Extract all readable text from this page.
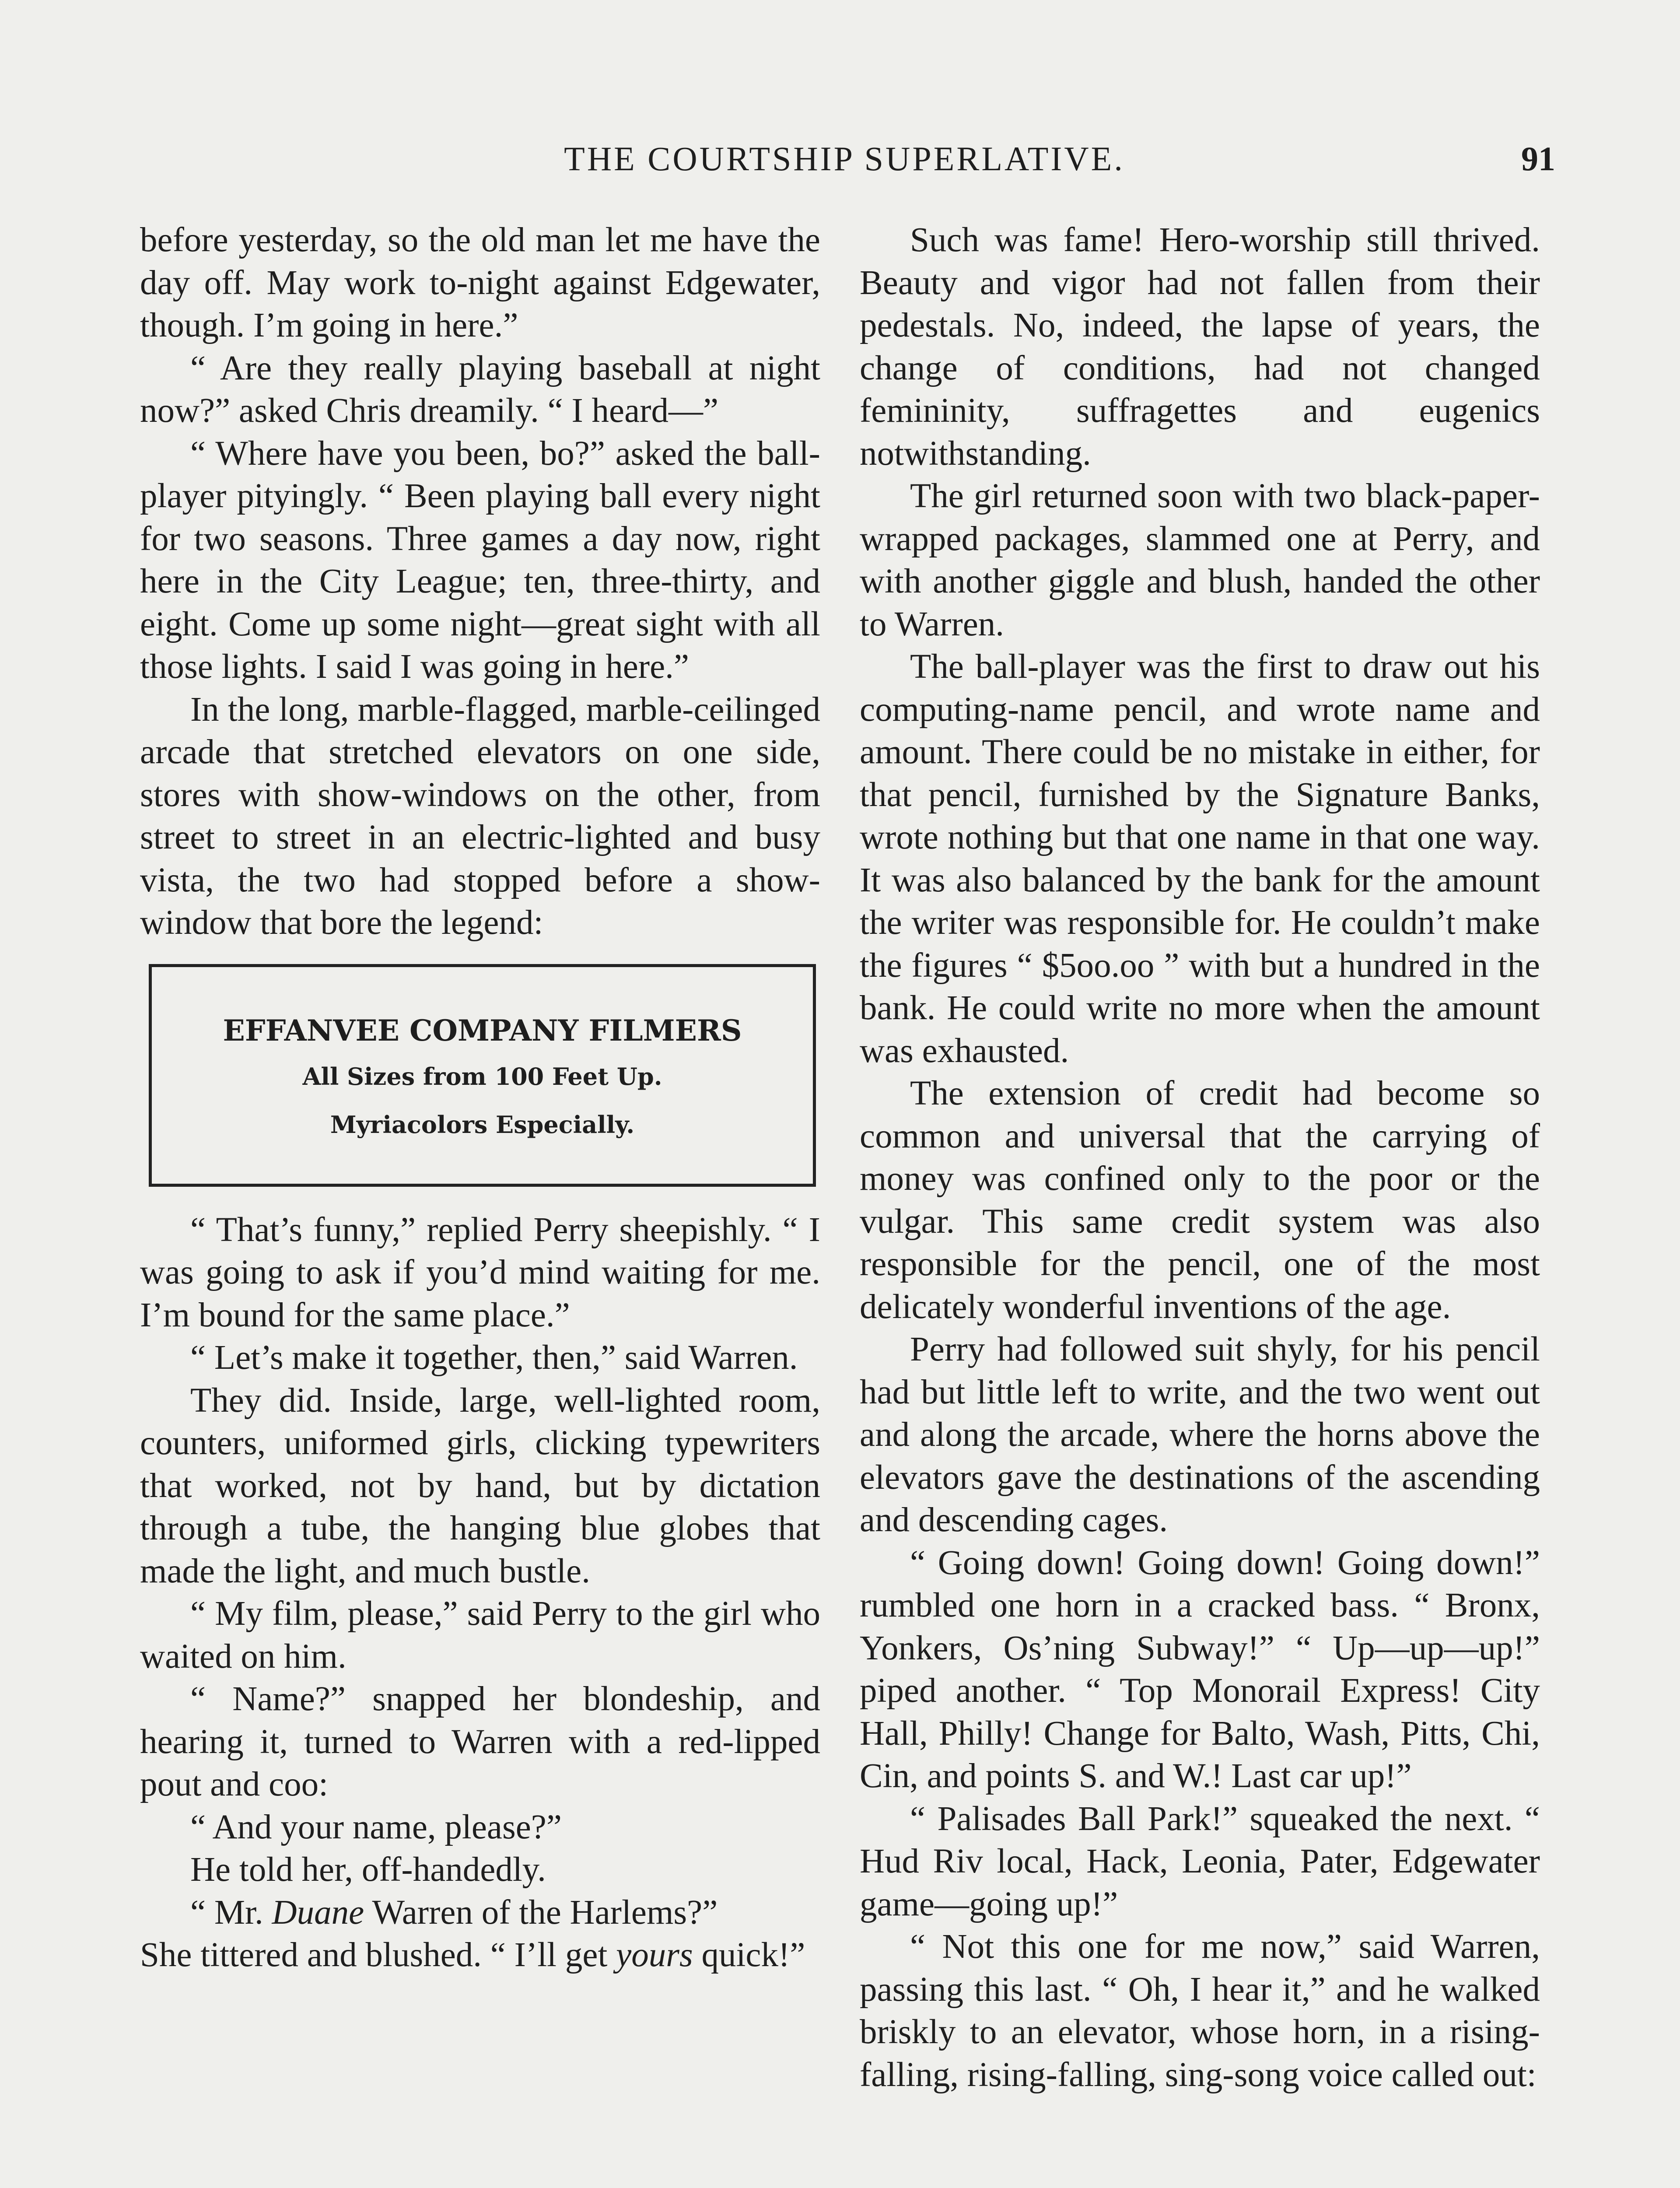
THE COURTSHIP SUPERLATIVE.	91

before yesterday, so the old man let me have the day off. May work to-night against Edgewater, though. I’m going in here.”

“ Are they really playing baseball at night now?” asked Chris dreamily. “ I heard—”

“ Where have you been, bo?” asked the ball-player pityingly. “ Been playing ball every night for two seasons. Three games a day now, right here in the City League; ten, three-thirty, and eight. Come up some night—great sight with all those lights. I said I was going in here.”

In the long, marble-flagged, marble-ceilinged arcade that stretched elevators on one side, stores with show-windows on the other, from street to street in an electric-lighted and busy vista, the two had stopped before a show-window that bore the legend:

EFFANVEE COMPANY FILMERS
All Sizes from 100 Feet Up.
Myriacolors Especially.

“ That’s funny,” replied Perry sheepishly. “ I was going to ask if you’d mind waiting for me. I’m bound for the same place.”

“ Let’s make it together, then,” said Warren.

They did. Inside, large, well-lighted room, counters, uniformed girls, clicking typewriters that worked, not by hand, but by dictation through a tube, the hanging blue globes that made the light, and much bustle.

“ My film, please,” said Perry to the girl who waited on him.

“ Name?” snapped her blondeship, and hearing it, turned to Warren with a red-lipped pout and coo:

“ And your name, please?”

He told her, off-handedly.

“ Mr. Duane Warren of the Harlems?”

She tittered and blushed. “ I’ll get yours quick!”

Such was fame! Hero-worship still thrived. Beauty and vigor had not fallen from their pedestals. No, indeed, the lapse of years, the change of conditions, had not changed femininity, suffragettes and eugenics notwithstanding.

The girl returned soon with two black-paper-wrapped packages, slammed one at Perry, and with another giggle and blush, handed the other to Warren.

The ball-player was the first to draw out his computing-name pencil, and wrote name and amount. There could be no mistake in either, for that pencil, furnished by the Signature Banks, wrote nothing but that one name in that one way. It was also balanced by the bank for the amount the writer was responsible for. He couldn’t make the figures “ $5oo.oo ” with but a hundred in the bank. He could write no more when the amount was exhausted.

The extension of credit had become so common and universal that the carrying of money was confined only to the poor or the vulgar. This same credit system was also responsible for the pencil, one of the most delicately wonderful inventions of the age.

Perry had followed suit shyly, for his pencil had but little left to write, and the two went out and along the arcade, where the horns above the elevators gave the destinations of the ascending and descending cages.

“ Going down! Going down! Going down!” rumbled one horn in a cracked bass. “ Bronx, Yonkers, Os’ning Subway!” “ Up—up—up!” piped another. “ Top Monorail Express! City Hall, Philly! Change for Balto, Wash, Pitts, Chi, Cin, and points S. and W.! Last car up!”

“ Palisades Ball Park!” squeaked the next. “ Hud Riv local, Hack, Leonia, Pater, Edgewater game—going up!”

“ Not this one for me now,” said Warren, passing this last. “ Oh, I hear it,” and he walked briskly to an elevator, whose horn, in a rising-falling, rising-falling, sing-song voice called out:
